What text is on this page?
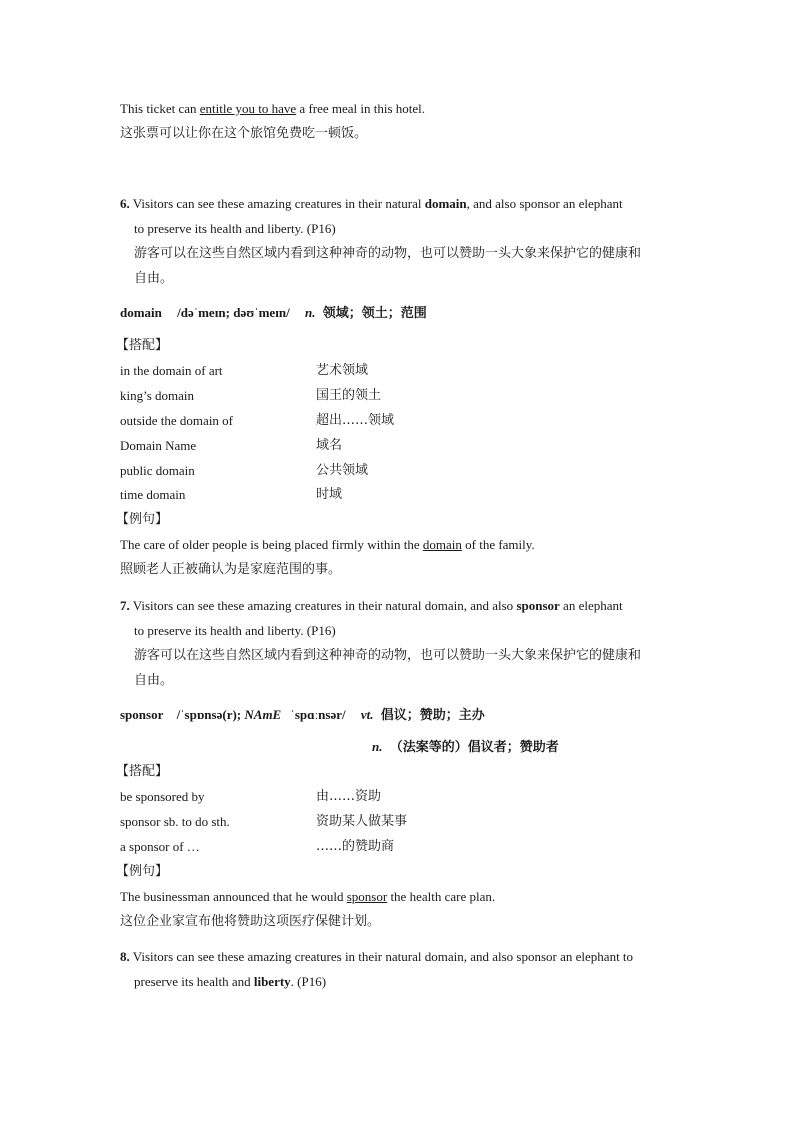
This ticket can entitle you to have a free meal in this hotel.
这张票可以让你在这个旅馆免费吃一顿饭。
6. Visitors can see these amazing creatures in their natural domain, and also sponsor an elephant
to preserve its health and liberty. (P16)
游客可以在这些自然区域内看到这种神奇的动物，也可以赞助一头大象来保护它的健康和
自由。
domain /dəˈmeɪn; dəʊˈmeɪn/ n. 领域；领土；范围
【搭配】
in the domain of art	艺术领域
king’s domain	国王的领土
outside the domain of	超出……领域
Domain Name	域名
public domain	公共领域
time domain	时域
【例句】
The care of older people is being placed firmly within the domain of the family.
照顾老人正被确认为是家庭范围的事。
7. Visitors can see these amazing creatures in their natural domain, and also sponsor an elephant
to preserve its health and liberty. (P16)
游客可以在这些自然区域内看到这种神奇的动物，也可以赞助一头大象来保护它的健康和
自由。
sponsor /ˈspɒnsə(r); NAmE ˈspɑːnsər/ vt. 倡议；赞助；主办
n. （法案等的）倡议者；赞助者
【搭配】
be sponsored by	由……资助
sponsor sb. to do sth.	资助某人做某事
a sponsor of …	……的赞助商
【例句】
The businessman announced that he would sponsor the health care plan.
这位企业家宣布他将赞助这项医疗保健计划。
8. Visitors can see these amazing creatures in their natural domain, and also sponsor an elephant to
preserve its health and liberty. (P16)
